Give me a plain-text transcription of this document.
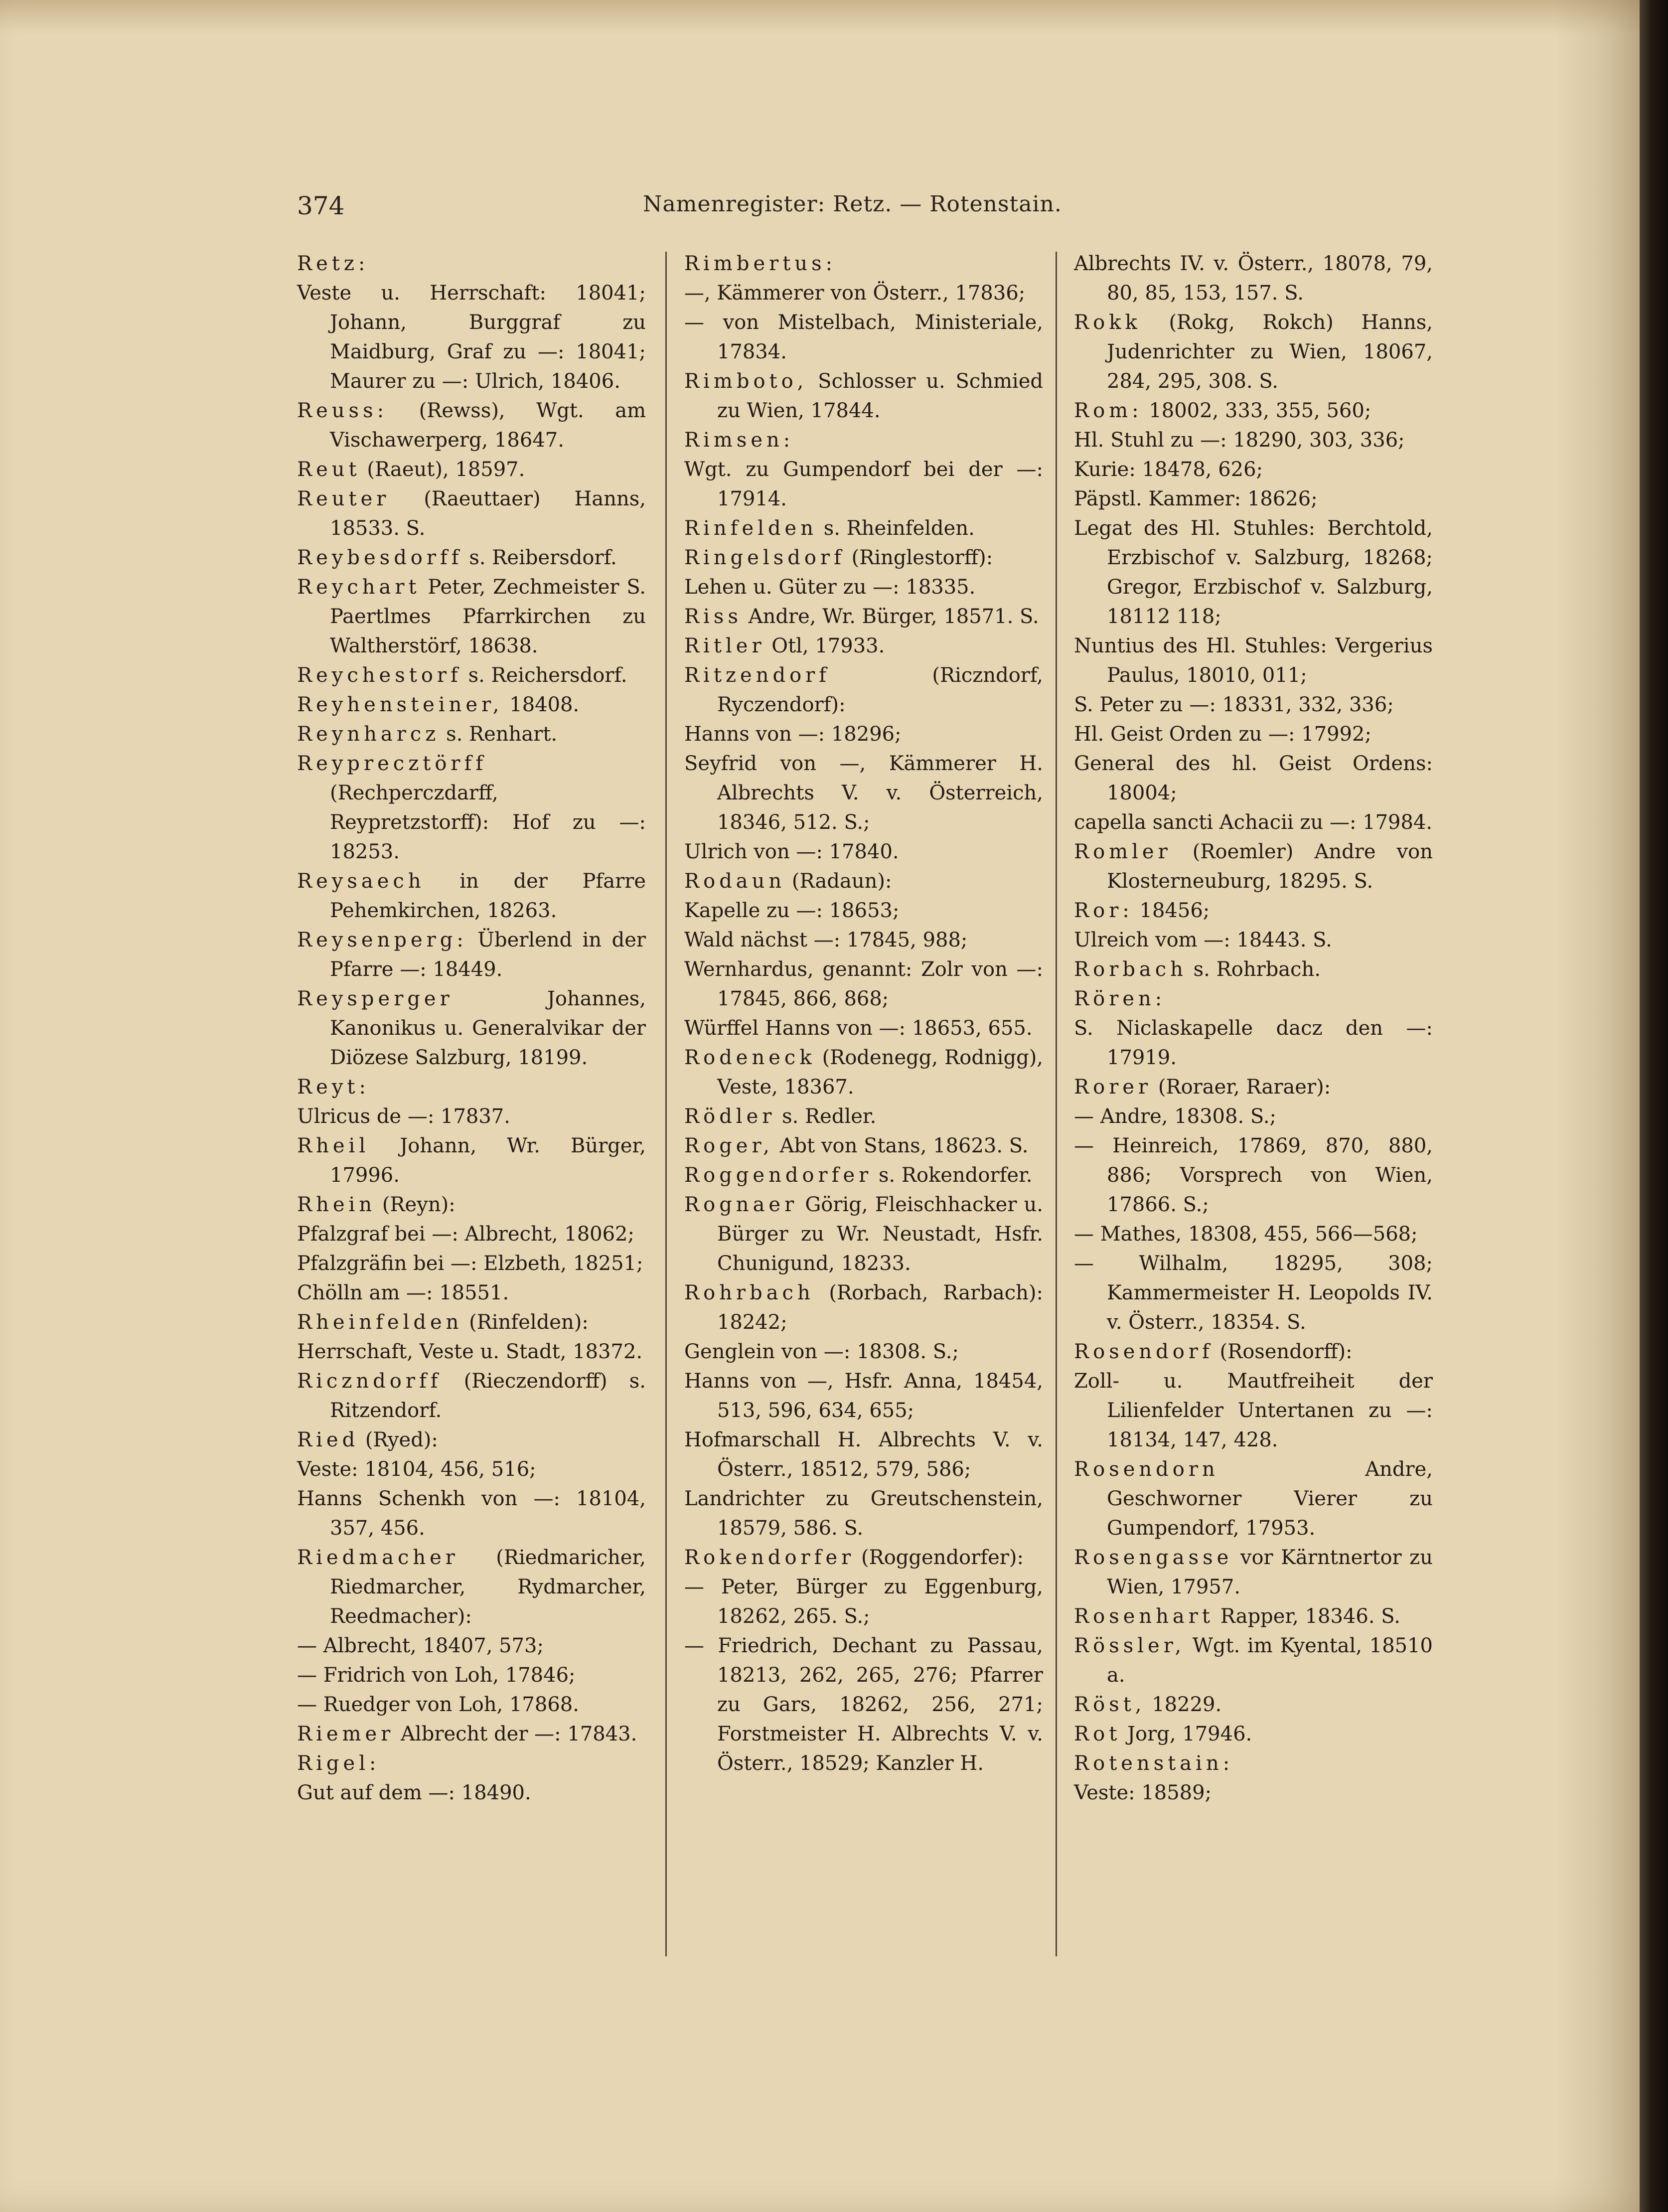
374	Namenregister: Retz. — Rotenstain.

Retz:

Veste u. Herrschaft: 18041; Johann, Burggraf zu Maidburg, Graf zu —: 18041; Maurer zu —: Ulrich, 18406.

Reuss: (Rewss), Wgt. am Vischawerperg, 18647.

Reut (Raeut), 18597.

Reuter (Raeuttaer) Hanns, 18533. S.

Reybesdorff s. Reibersdorf.

Reychart Peter, Zechmeister S. Paertlmes Pfarrkirchen zu Waltherstörf, 18638.

Reychestorf s. Reichersdorf.

Reyhensteiner, 18408.

Reynharcz s. Renhart.

Reyprecztörff (Rechperczdarff, Reypretzstorff): Hof zu —: 18253.

Reysaech in der Pfarre Pehemkirchen, 18263.

Reysenperg: Überlend in der Pfarre —: 18449.

Reysperger	Johannes, Kanonikus u. Generalvikar der Diözese Salzburg, 18199.

Reyt:

Ulricus de —: 17837.

Rheil Johann, Wr. Bürger, 17996.

Rhein (Reyn):

Pfalzgraf bei —: Albrecht, 18062;

Pfalzgräfin bei —: Elzbeth, 18251;

Chölln am —: 18551.

Rheinfelden (Rinfelden):

Herrschaft, Veste u. Stadt, 18372.

Riczndorff (Rieczendorff) s. Ritzendorf.

Ried (Ryed):

Veste: 18104, 456, 516;

Hanns Schenkh von —: 18104, 357, 456.

Riedmacher (Riedmaricher, Riedmarcher, Rydmarcher, Reedmacher):

— Albrecht, 18407, 573;

— Fridrich von Loh, 17846;

— Ruedger von Loh, 17868.

Riemer Albrecht der —: 17843.

Rigel:

Gut auf dem —: 18490.

Rimbertus:

—, Kämmerer von Österr., 17836;

— von Mistelbach, Ministeriale, 17834.

Rimboto, Schlosser u. Schmied zu Wien, 17844.

Rimsen:

Wgt. zu Gumpendorf bei der —: 17914.

Rinfelden s. Rheinfelden.

Ringelsdorf (Ringlestorff):

Lehen u. Güter zu —: 18335.

Riss Andre, Wr. Bürger, 18571. S.

Ritler Otl, 17933.

Ritzendorf	(Riczndorf, Ryczendorf):

Hanns von —: 18296;

Seyfrid von —, Kämmerer H. Albrechts V. v. Österreich, 18346, 512. S.;

Ulrich von —: 17840.

Rodaun (Radaun):

Kapelle zu —: 18653;

Wald nächst —: 17845, 988;

Wernhardus, genannt: Zolr von —: 17845, 866, 868;

Würffel Hanns von —: 18653, 655.

Rodeneck (Rodenegg, Rodnigg), Veste, 18367.

Rödler s. Redler.

Roger, Abt von Stans, 18623. S.

Roggendorfer s. Rokendorfer.

Rognaer Görig, Fleischhacker u. Bürger zu Wr. Neustadt, Hsfr. Chunigund, 18233.

Rohrbach (Rorbach, Rarbach): 18242;

Genglein von —: 18308. S.;

Hanns von —, Hsfr. Anna, 18454, 513, 596, 634, 655;

Hofmarschall H. Albrechts V. v. Österr., 18512, 579, 586;

Landrichter zu Greutschenstein, 18579, 586. S.

Rokendorfer (Roggendorfer):

— Peter, Bürger zu Eggenburg, 18262, 265. S.;

— Friedrich, Dechant zu Passau, 18213, 262, 265, 276; Pfarrer zu Gars, 18262, 256, 271; Forstmeister H. Albrechts V. v. Österr., 18529; Kanzler H.

Albrechts IV. v. Österr., 18078, 79, 80, 85, 153, 157. S.

Rokk (Rokg, Rokch) Hanns, Judenrichter zu Wien, 18067, 284, 295, 308. S.

Rom: 18002, 333, 355, 560;

Hl. Stuhl zu —: 18290, 303, 336;

Kurie: 18478, 626;

Päpstl. Kammer: 18626;

Legat des Hl. Stuhles: Berchtold, Erzbischof v. Salzburg, 18268; Gregor, Erzbischof v. Salzburg, 18112 118;

Nuntius des Hl. Stuhles: Vergerius Paulus, 18010, 011;

S. Peter zu —: 18331, 332, 336;

Hl. Geist Orden zu —: 17992;

General des hl. Geist Ordens: 18004;

capella sancti Achacii zu —: 17984.

Romler (Roemler) Andre von Klosterneuburg, 18295. S.

Ror: 18456;

Ulreich vom —: 18443. S.

Rorbach s. Rohrbach.

Rören:

S. Niclaskapelle dacz den —: 17919.

Rorer (Roraer, Raraer):

— Andre, 18308. S.;

— Heinreich, 17869, 870, 880, 886; Vorsprech von Wien, 17866. S.;

— Mathes, 18308, 455, 566—568;

— Wilhalm, 18295, 308; Kammermeister H. Leopolds IV. v. Österr., 18354. S.

Rosendorf (Rosendorff):

Zoll- u. Mautfreiheit der Lilienfelder Untertanen zu —: 18134, 147, 428.

Rosendorn	Andre, Geschworner Vierer zu Gumpendorf, 17953.

Rosengasse vor Kärntnertor zu Wien, 17957.

Rosenhart Rapper, 18346. S.

Rössler, Wgt. im Kyental, 18510 a.

Röst, 18229.

Rot Jorg, 17946.

Rotenstain:

Veste: 18589;
